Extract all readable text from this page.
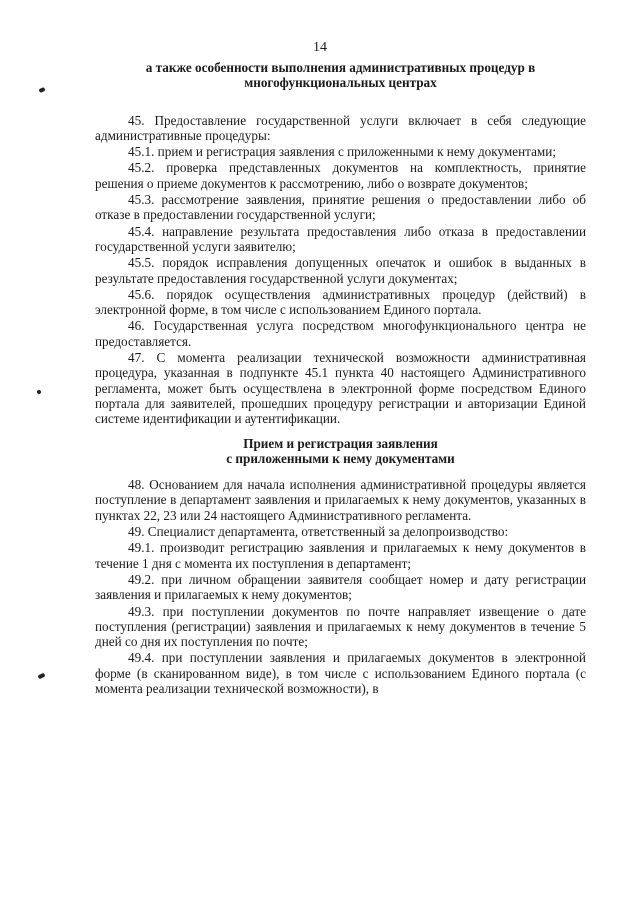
14

а также особенности выполнения административных процедур в
многофункциональных центрах

45. Предоставление государственной услуги включает в себя следующие административные процедуры:

45.1. прием и регистрация заявления с приложенными к нему документами;

45.2. проверка представленных документов на комплектность, принятие решения о приеме документов к рассмотрению, либо о возврате документов;

45.3. рассмотрение заявления, принятие решения о предоставлении либо об отказе в предоставлении государственной услуги;

45.4. направление результата предоставления либо отказа в предоставлении государственной услуги заявителю;

45.5. порядок исправления допущенных опечаток и ошибок в выданных в результате предоставления государственной услуги документах;

45.6. порядок осуществления административных процедур (действий) в электронной форме, в том числе с использованием Единого портала.

46. Государственная услуга посредством многофункционального центра не предоставляется.

47. С момента реализации технической возможности административная процедура, указанная в подпункте 45.1 пункта 40 настоящего Административного регламента, может быть осуществлена в электронной форме посредством Единого портала для заявителей, прошедших процедуру регистрации и авторизации Единой системе идентификации и аутентификации.

Прием и регистрация заявления
с приложенными к нему документами

48. Основанием для начала исполнения административной процедуры является поступление в департамент заявления и прилагаемых к нему документов, указанных в пунктах 22, 23 или 24 настоящего Административного регламента.

49. Специалист департамента, ответственный за делопроизводство:

49.1. производит регистрацию заявления и прилагаемых к нему документов в течение 1 дня с момента их поступления в департамент;

49.2. при личном обращении заявителя сообщает номер и дату регистрации заявления и прилагаемых к нему документов;

49.3. при поступлении документов по почте направляет извещение о дате поступления (регистрации) заявления и прилагаемых к нему документов в течение 5 дней со дня их поступления по почте;

49.4. при поступлении заявления и прилагаемых документов в электронной форме (в сканированном виде), в том числе с использованием Единого портала (с момента реализации технической возможности), в
